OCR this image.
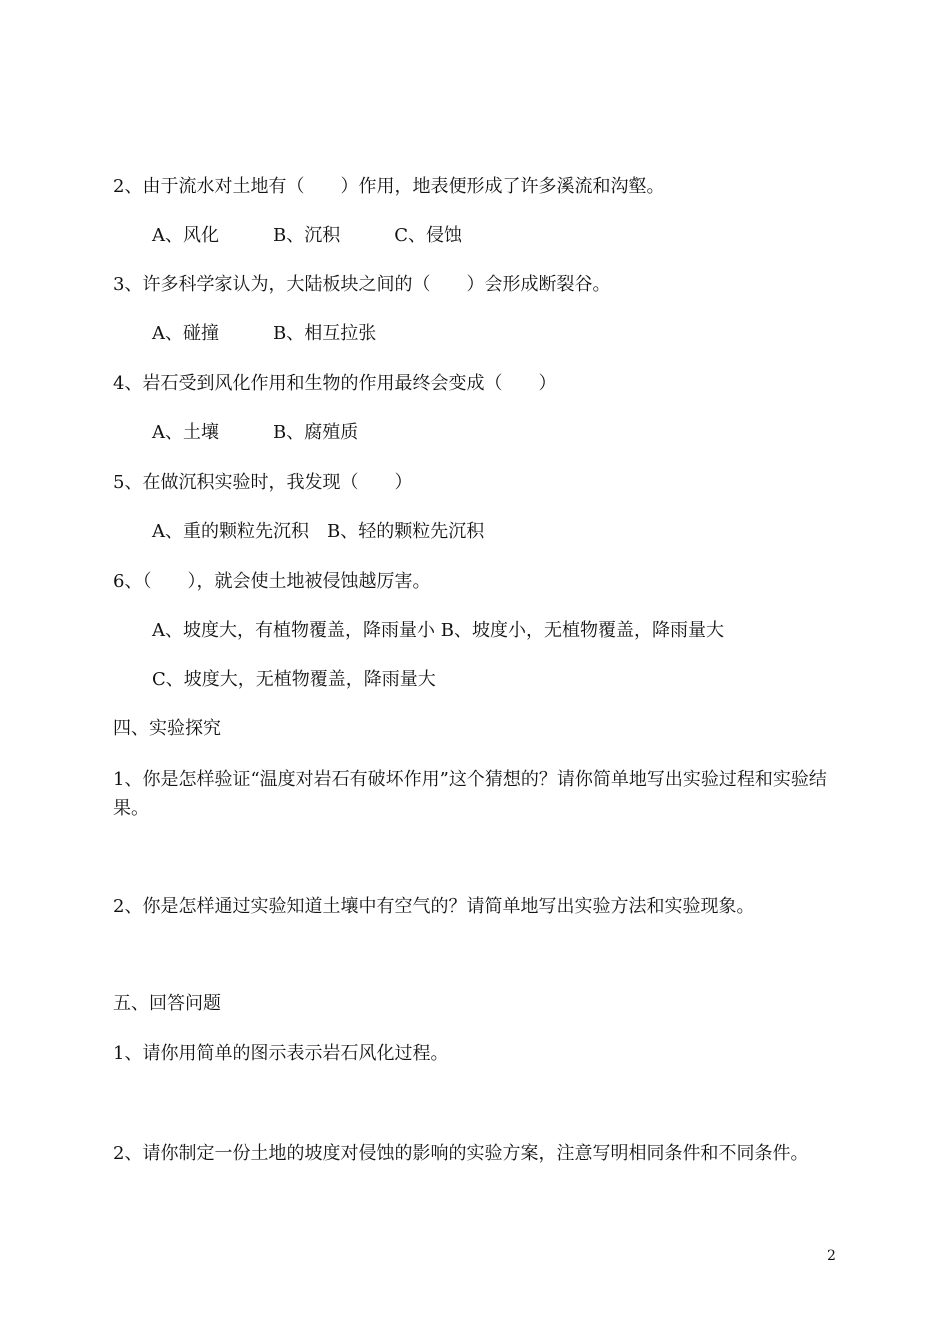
2、由于流水对土地有（　　）作用，地表便形成了许多溪流和沟壑。
A、风化　　　B、沉积　　　C、侵蚀
3、许多科学家认为，大陆板块之间的（　　）会形成断裂谷。
A、碰撞　　　B、相互拉张
4、岩石受到风化作用和生物的作用最终会变成（　　）
A、土壤　　　B、腐殖质
5、在做沉积实验时，我发现（　　）
A、重的颗粒先沉积　B、轻的颗粒先沉积
6、（　　），就会使土地被侵蚀越厉害。
A、坡度大，有植物覆盖，降雨量小 B、坡度小，无植物覆盖，降雨量大
C、坡度大，无植物覆盖，降雨量大
四、实验探究
1、你是怎样验证“温度对岩石有破坏作用”这个猜想的？请你简单地写出实验过程和实验结果。
2、你是怎样通过实验知道土壤中有空气的？请简单地写出实验方法和实验现象。
五、回答问题
1、请你用简单的图示表示岩石风化过程。
2、请你制定一份土地的坡度对侵蚀的影响的实验方案，注意写明相同条件和不同条件。
2
